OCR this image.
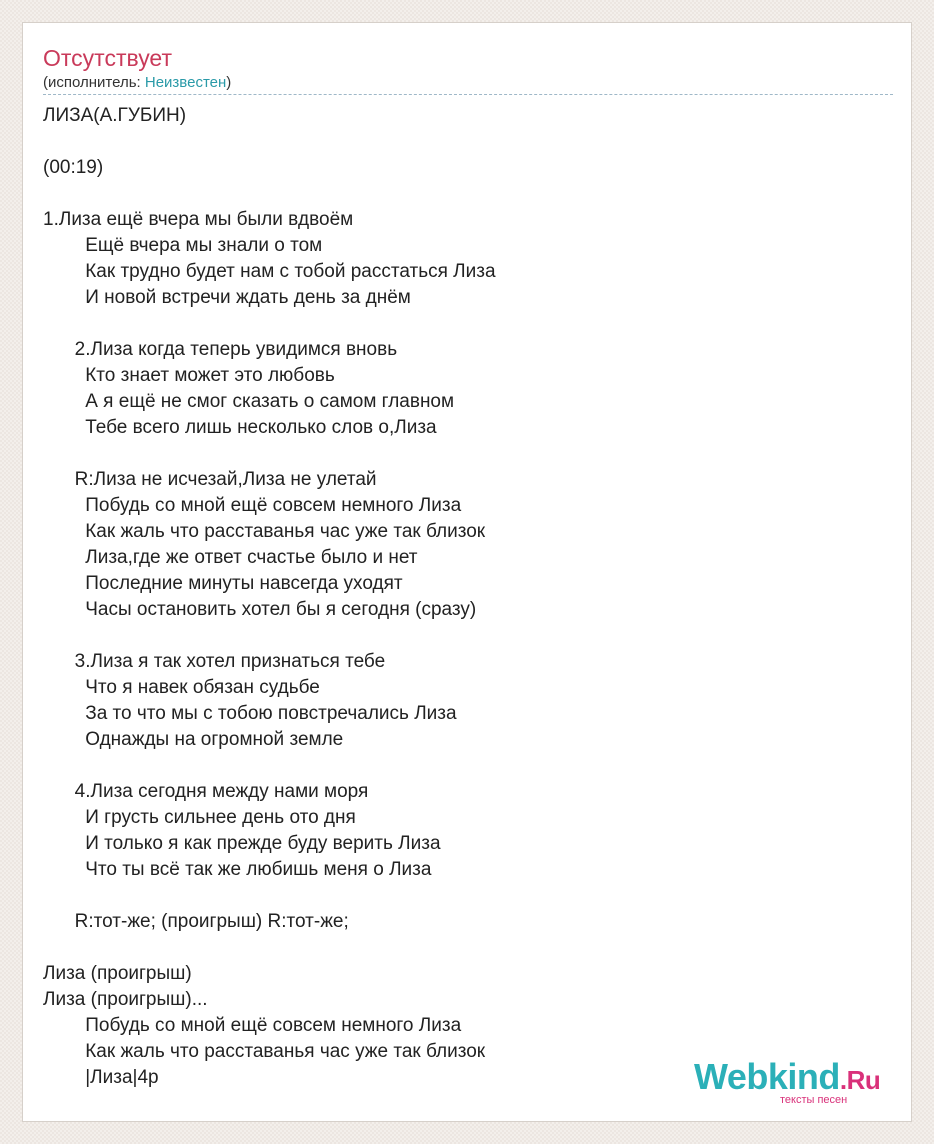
Отсутствует
(исполнитель: Неизвестен)
ЛИЗА(А.ГУБИН)
(00:19)
1.Лиза ещё вчера мы были вдвоём
Ещё вчера мы знали о том
Как трудно будет нам с тобой расстаться Лиза
И новой встречи ждать день за днём
2.Лиза когда теперь увидимся вновь
Кто знает может это любовь
А я ещё не смог сказать о самом главном
Тебе всего лишь несколько слов о,Лиза
R:Лиза не исчезай,Лиза не улетай
Побудь со мной ещё совсем немного Лиза
Как жаль что расставанья час уже так близок
Лиза,где же ответ счастье было и нет
Последние минуты навсегда уходят
Часы остановить хотел бы я сегодня (сразу)
3.Лиза я так хотел признаться тебе
Что я навек обязан судьбе
За то что мы с тобою повстречались Лиза
Однажды на огромной земле
4.Лиза сегодня между нами моря
И грусть сильнее день ото дня
И только я как прежде буду верить Лиза
Что ты всё так же любишь меня о Лиза
R:тот-же; (проигрыш) R:тот-же;
Лиза (проигрыш)
Лиза (проигрыш)...
Побудь со мной ещё совсем немного Лиза
Как жаль что расставанья час уже так близок
|Лиза|4р	Webkind.Ru
тексты песен
